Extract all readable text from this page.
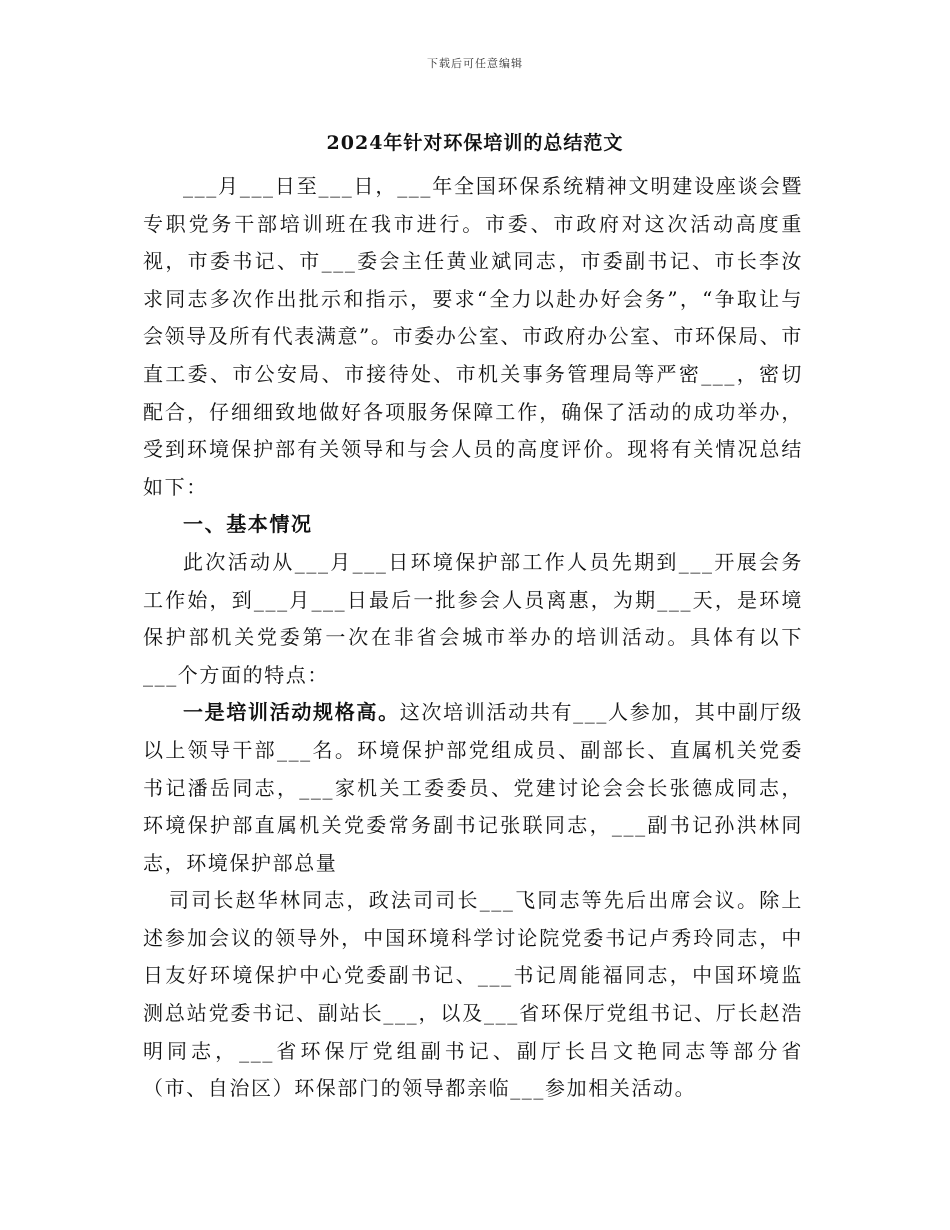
下载后可任意编辑
2024年针对环保培训的总结范文

___月___日至___日，___年全国环保系统精神文明建设座谈会暨专职党务干部培训班在我市进行。市委、市政府对这次活动高度重视，市委书记、市___委会主任黄业斌同志，市委副书记、市长李汝求同志多次作出批示和指示，要求“全力以赴办好会务”，“争取让与会领导及所有代表满意”。市委办公室、市政府办公室、市环保局、市直工委、市公安局、市接待处、市机关事务管理局等严密___，密切配合，仔细细致地做好各项服务保障工作，确保了活动的成功举办，受到环境保护部有关领导和与会人员的高度评价。现将有关情况总结如下：

一、基本情况

此次活动从___月___日环境保护部工作人员先期到___开展会务工作始，到___月___日最后一批参会人员离惠，为期___天，是环境保护部机关党委第一次在非省会城市举办的培训活动。具体有以下___个方面的特点：

一是培训活动规格高。这次培训活动共有___人参加，其中副厅级以上领导干部___名。环境保护部党组成员、副部长、直属机关党委书记潘岳同志，___家机关工委委员、党建讨论会会长张德成同志，环境保护部直属机关党委常务副书记张联同志，___副书记孙洪林同志，环境保护部总量

司司长赵华林同志，政法司司长___飞同志等先后出席会议。除上述参加会议的领导外，中国环境科学讨论院党委书记卢秀玲同志，中日友好环境保护中心党委副书记、___书记周能福同志，中国环境监测总站党委书记、副站长___，以及___省环保厅党组书记、厅长赵浩明同志，___省环保厅党组副书记、副厅长吕文艳同志等部分省（市、自治区）环保部门的领导都亲临___参加相关活动。
